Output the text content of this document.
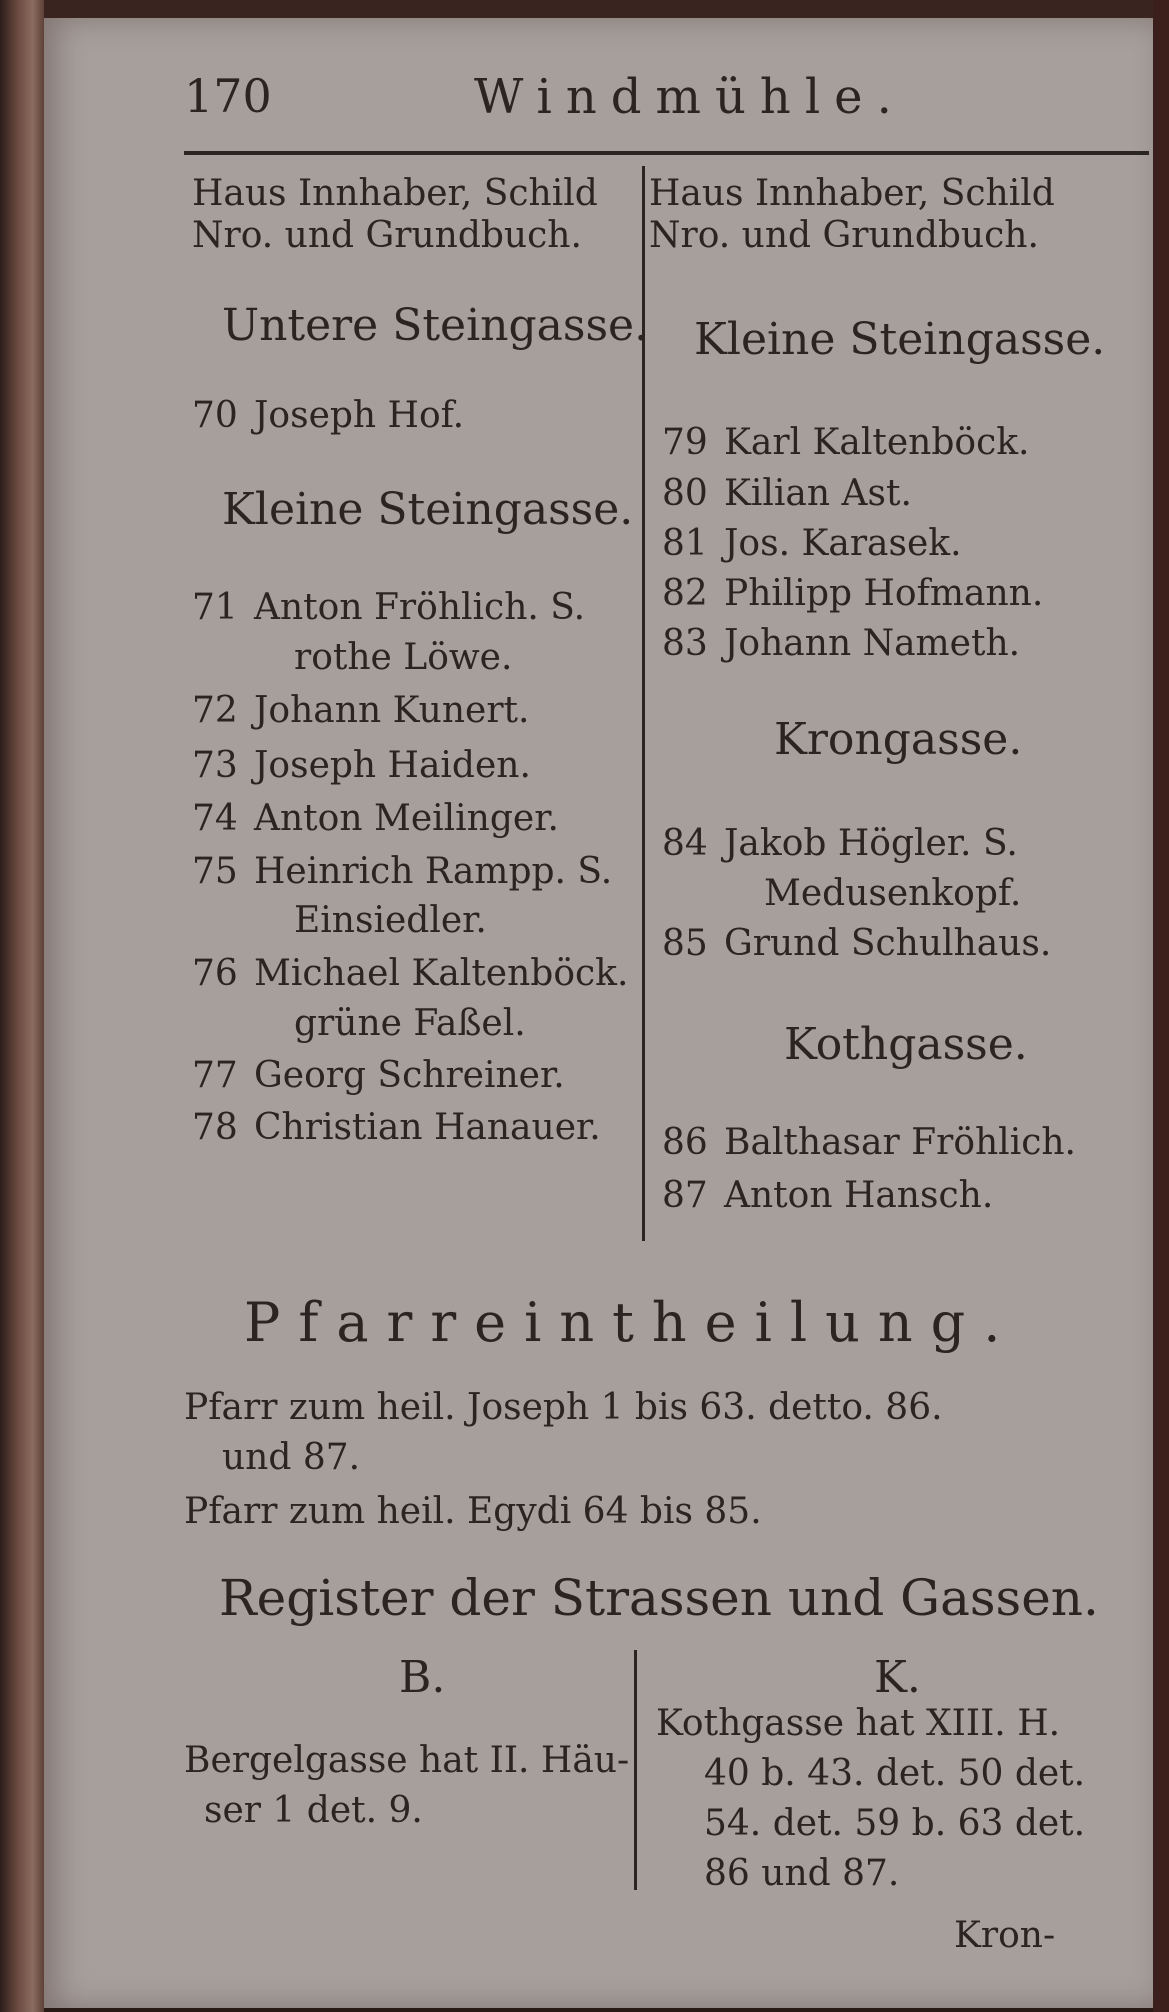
170	Windmühle.
Haus Innhaber, Schild
Nro. und Grundbuch.
Haus Innhaber, Schild
Nro. und Grundbuch.
Untere Steingasse.
70 Joseph Hof.
Kleine Steingasse.
71 Anton Fröhlich. S.
rothe Löwe.
72 Johann Kunert.
73 Joseph Haiden.
74 Anton Meilinger.
75 Heinrich Rampp. S.
Einsiedler.
76 Michael Kaltenböck.
grüne Faßel.
77 Georg Schreiner.
78 Christian Hanauer.
Kleine Steingasse.
79 Karl Kaltenböck.
80 Kilian Ast.
81 Jos. Karasek.
82 Philipp Hofmann.
83 Johann Nameth.
Krongasse.
84 Jakob Högler. S.
Medusenkopf.
85 Grund Schulhaus.
Kothgasse.
86 Balthasar Fröhlich.
87 Anton Hansch.
Pfarreintheilung.
Pfarr zum heil. Joseph 1 bis 63. detto. 86.
und 87.
Pfarr zum heil. Egydi 64 bis 85.
Register der Strassen und Gassen.
B.
Bergelgasse hat II. Häu-
ser 1 det. 9.
K.
Kothgasse hat XIII. H.
40 b. 43. det. 50 det.
54. det. 59 b. 63 det.
86 und 87.
Kron-
